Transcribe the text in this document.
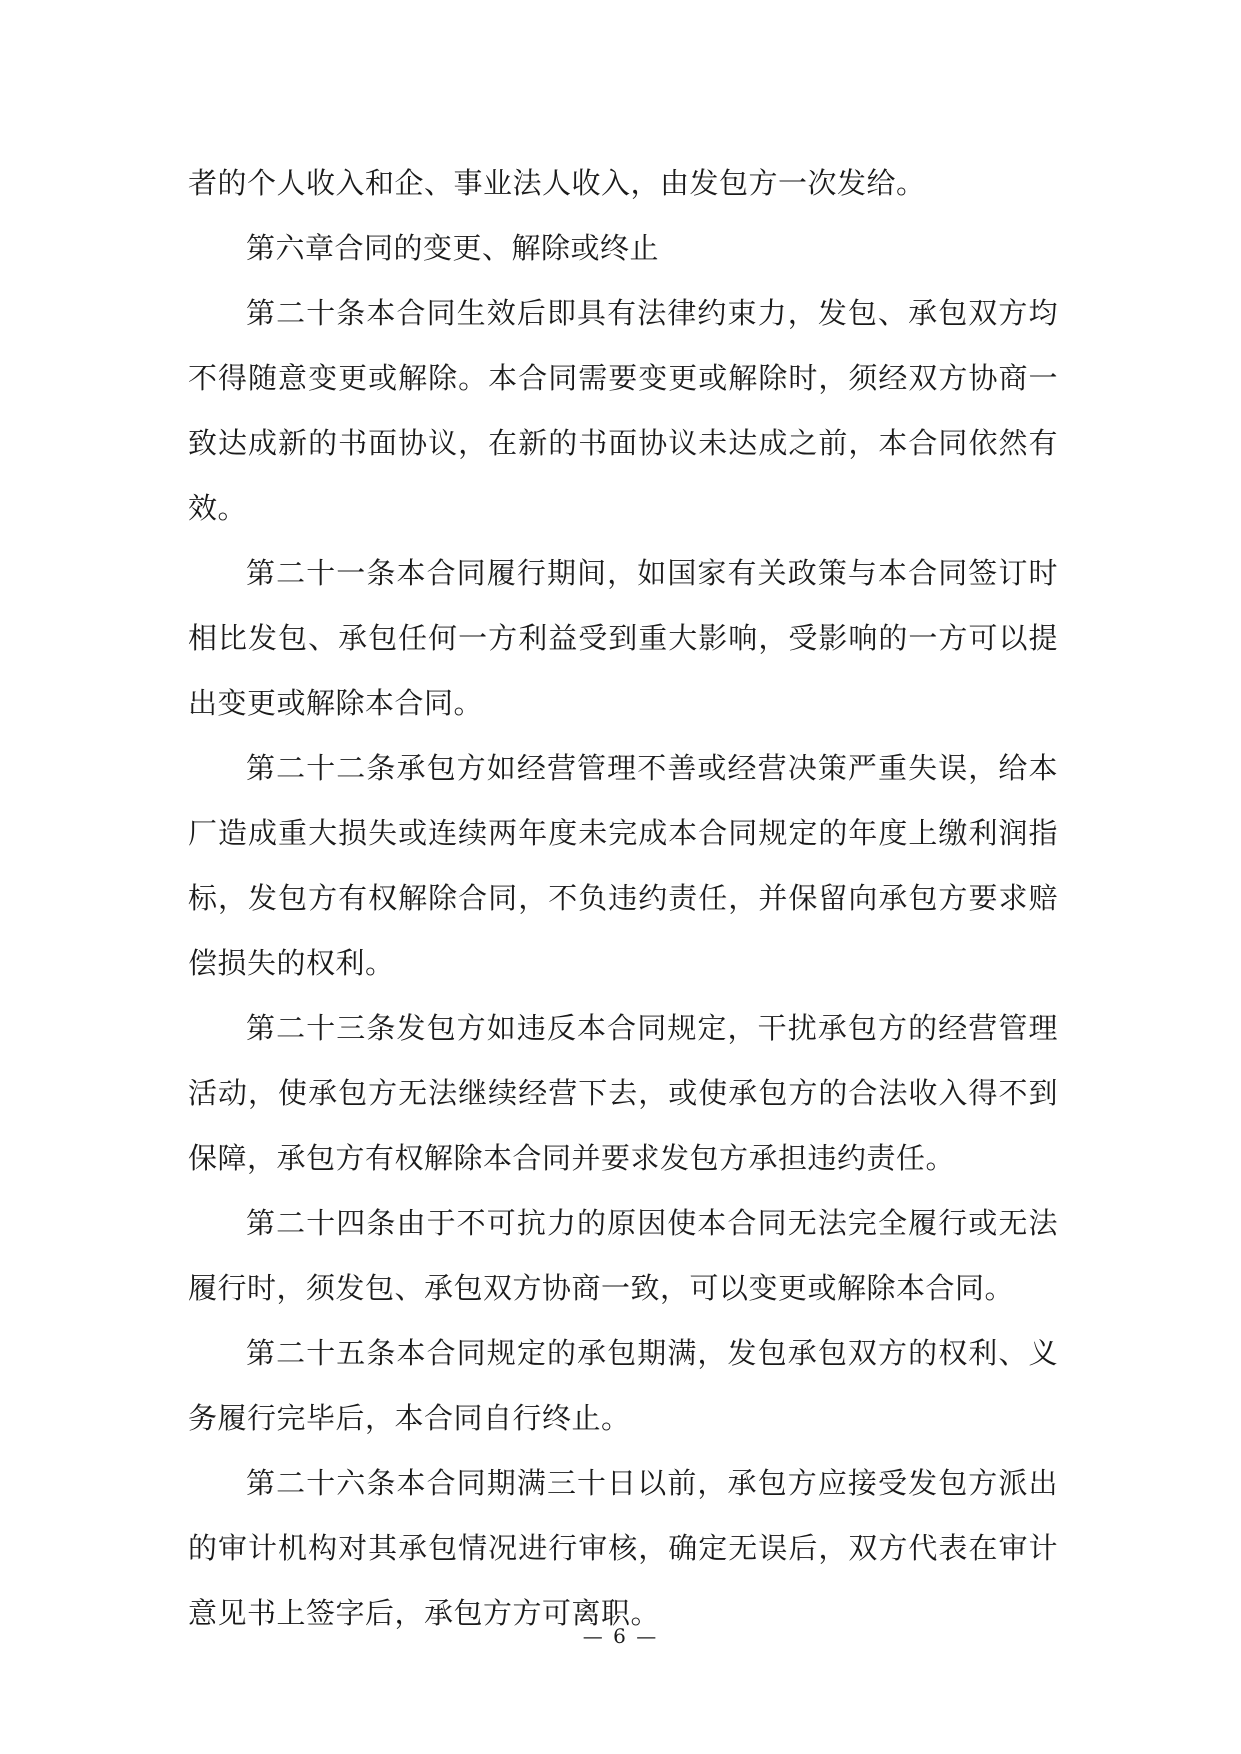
者的个人收入和企、事业法人收入，由发包方一次发给。

第六章合同的变更、解除或终止

第二十条本合同生效后即具有法律约束力，发包、承包双方均不得随意变更或解除。本合同需要变更或解除时，须经双方协商一致达成新的书面协议，在新的书面协议未达成之前，本合同依然有效。

第二十一条本合同履行期间，如国家有关政策与本合同签订时相比发包、承包任何一方利益受到重大影响，受影响的一方可以提出变更或解除本合同。

第二十二条承包方如经营管理不善或经营决策严重失误，给本厂造成重大损失或连续两年度未完成本合同规定的年度上缴利润指标，发包方有权解除合同，不负违约责任，并保留向承包方要求赔偿损失的权利。

第二十三条发包方如违反本合同规定，干扰承包方的经营管理活动，使承包方无法继续经营下去，或使承包方的合法收入得不到保障，承包方有权解除本合同并要求发包方承担违约责任。

第二十四条由于不可抗力的原因使本合同无法完全履行或无法履行时，须发包、承包双方协商一致，可以变更或解除本合同。

第二十五条本合同规定的承包期满，发包承包双方的权利、义务履行完毕后，本合同自行终止。

第二十六条本合同期满三十日以前，承包方应接受发包方派出的审计机构对其承包情况进行审核，确定无误后，双方代表在审计意见书上签字后，承包方方可离职。

— 6 —
